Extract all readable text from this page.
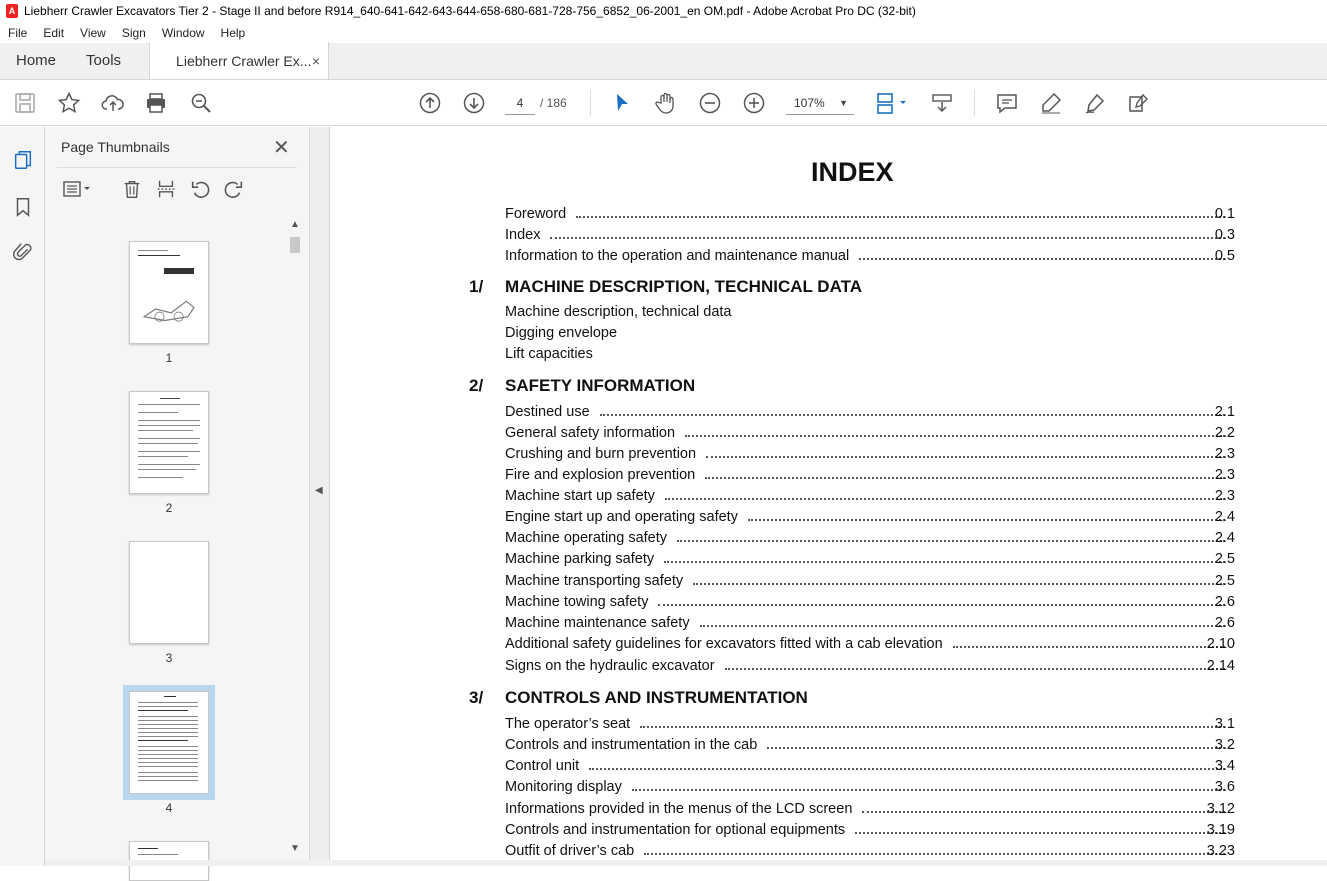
A Liebherr Crawler Excavators Tier 2 - Stage II and before R914_640-641-642-643-644-658-680-681-728-756_6852_06-2001_en OM.pdf - Adobe Acrobat Pro DC (32-bit)
File	Edit	View	Sign	Window	Help
Home	Tools	Liebherr Crawler Ex... ×
4	/ 186	107% ▼
Page Thumbnails	✕
1
2
3
4
▲
▼
◀
INDEX
Foreword	0.1
Index	0.3
Information to the operation and maintenance manual	0.5
1/	MACHINE DESCRIPTION, TECHNICAL DATA
Machine description, technical data
Digging envelope
Lift capacities
2/	SAFETY INFORMATION
Destined use	2.1
General safety information	2.2
Crushing and burn prevention	2.3
Fire and explosion prevention	2.3
Machine start up safety	2.3
Engine start up and operating safety	2.4
Machine operating safety	2.4
Machine parking safety	2.5
Machine transporting safety	2.5
Machine towing safety	2.6
Machine maintenance safety	2.6
Additional safety guidelines for excavators fitted with a cab elevation	2.10
Signs on the hydraulic excavator	2.14
3/	CONTROLS AND INSTRUMENTATION
The operator’s seat	3.1
Controls and instrumentation in the cab	3.2
Control unit	3.4
Monitoring display	3.6
Informations provided in the menus of the LCD screen	3.12
Controls and instrumentation for optional equipments	3.19
Outfit of driver’s cab	3.23
